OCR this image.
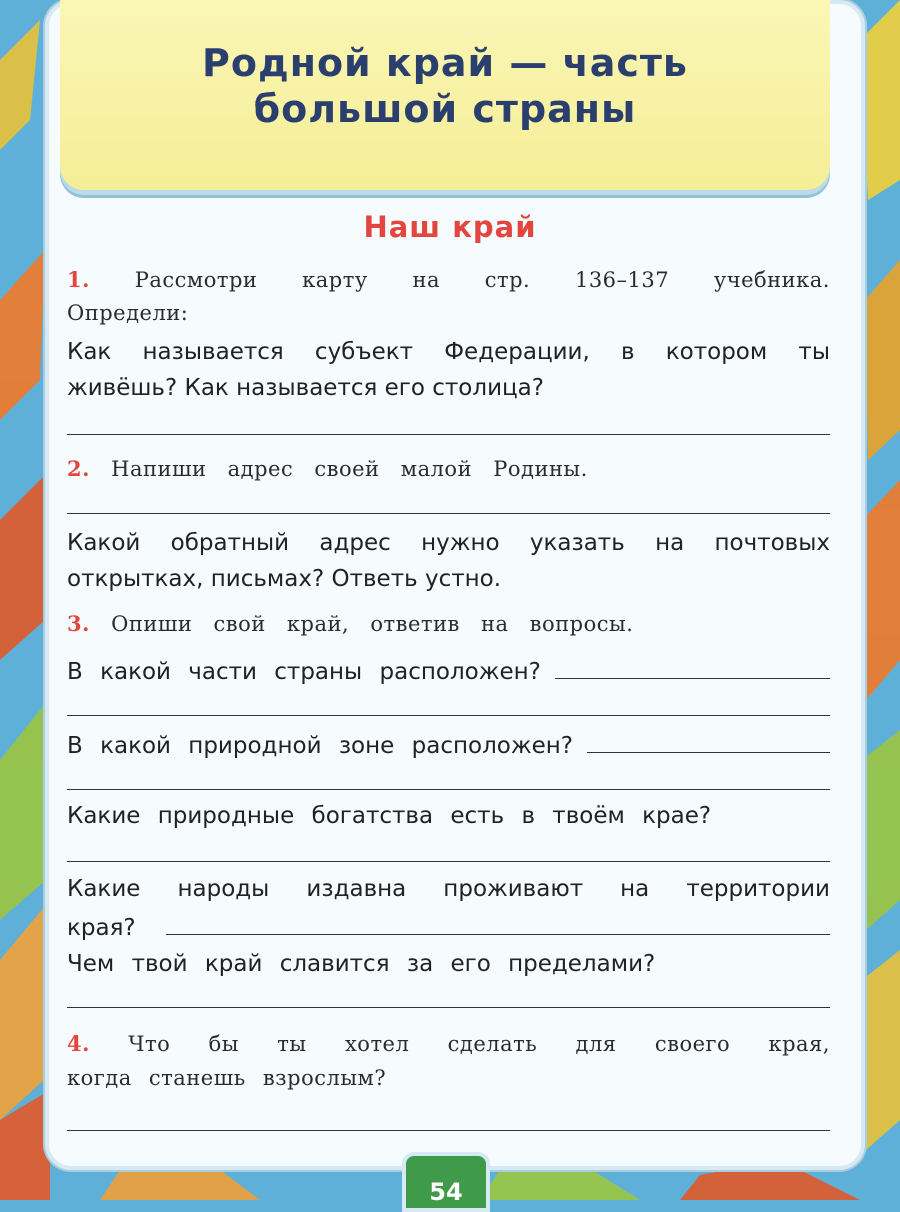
Родной край — часть
большой страны
Наш край
1. Рассмотри карту на стр. 136–137 учебника.
Определи:
Как называется субъект Федерации, в котором ты
живёшь? Как называется его столица?
2. Напиши адрес своей малой Родины.
Какой обратный адрес нужно указать на почтовых
открытках, письмах? Ответь устно.
3. Опиши свой край, ответив на вопросы.
В какой части страны расположен?
В какой природной зоне расположен?
Какие природные богатства есть в твоём крае?
Какие народы издавна проживают на территории
края?
Чем твой край славится за его пределами?
4. Что бы ты хотел сделать для своего края,
когда станешь взрослым?
54
